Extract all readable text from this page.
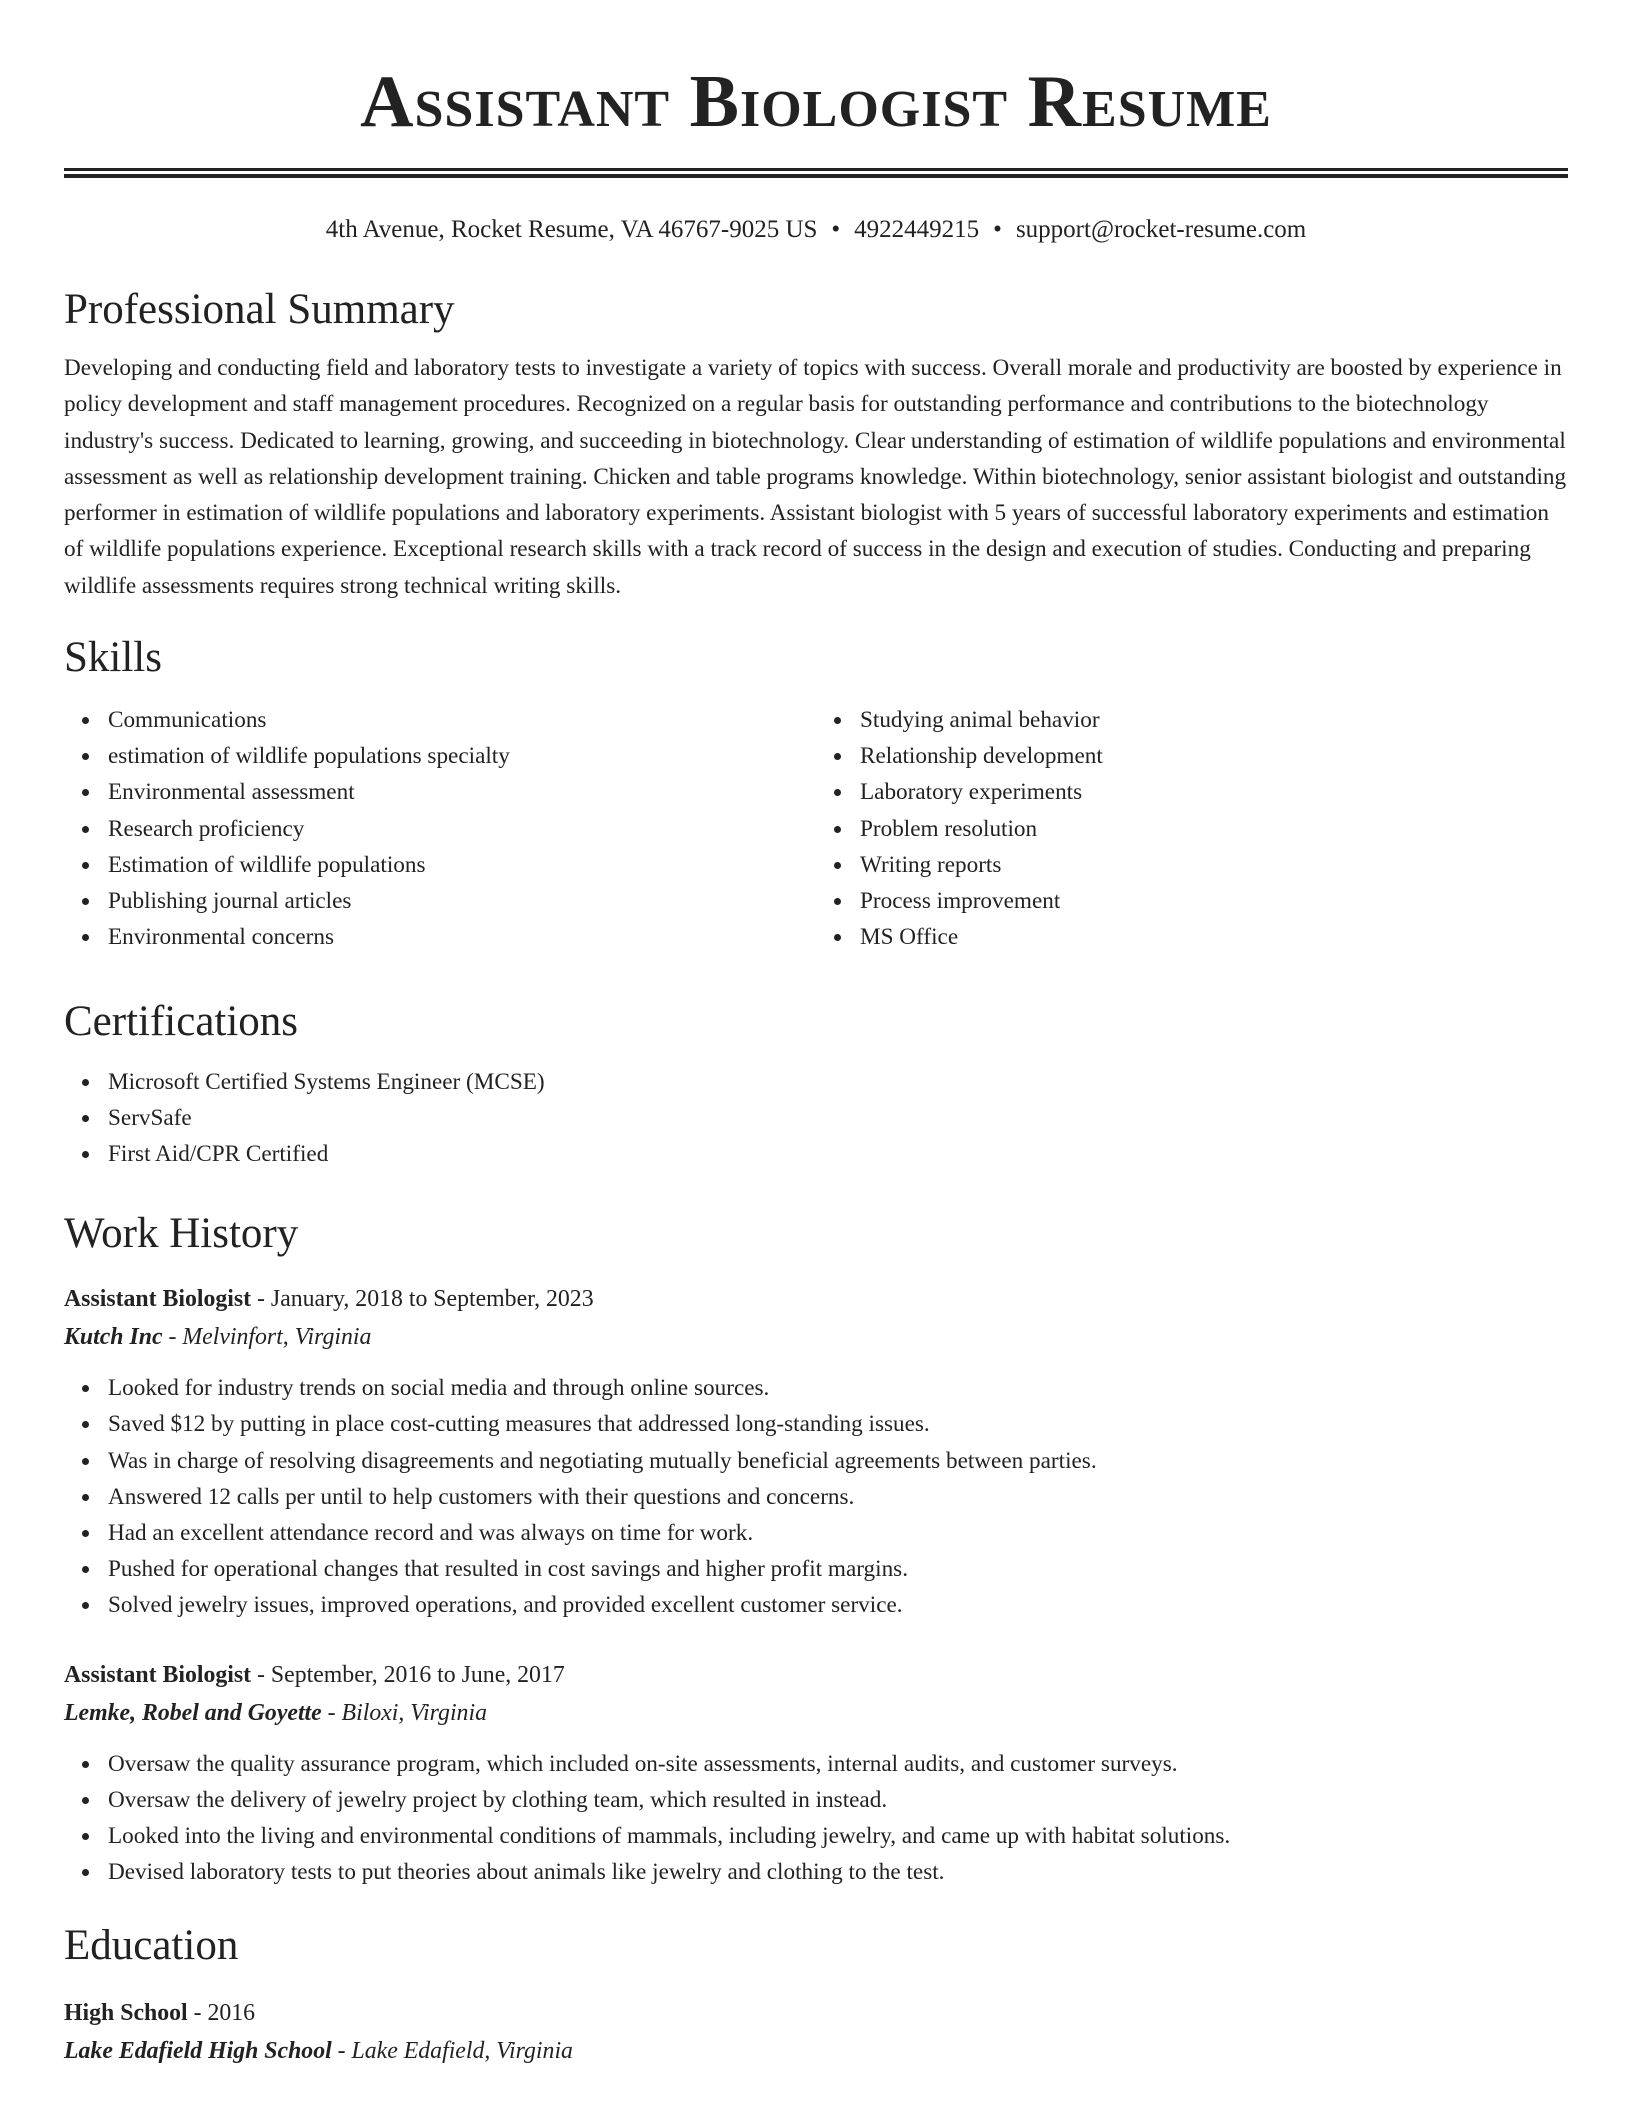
Assistant Biologist Resume
4th Avenue, Rocket Resume, VA 46767-9025 US • 4922449215 • support@rocket-resume.com
Professional Summary

Developing and conducting field and laboratory tests to investigate a variety of topics with success. Overall morale and productivity are boosted by experience in policy development and staff management procedures. Recognized on a regular basis for outstanding performance and contributions to the biotechnology industry's success. Dedicated to learning, growing, and succeeding in biotechnology. Clear understanding of estimation of wildlife populations and environmental assessment as well as relationship development training. Chicken and table programs knowledge. Within biotechnology, senior assistant biologist and outstanding performer in estimation of wildlife populations and laboratory experiments. Assistant biologist with 5 years of successful laboratory experiments and estimation of wildlife populations experience. Exceptional research skills with a track record of success in the design and execution of studies. Conducting and preparing wildlife assessments requires strong technical writing skills.

Skills
Communications
estimation of wildlife populations specialty
Environmental assessment
Research proficiency
Estimation of wildlife populations
Publishing journal articles
Environmental concerns
Studying animal behavior
Relationship development
Laboratory experiments
Problem resolution
Writing reports
Process improvement
MS Office
Certifications
Microsoft Certified Systems Engineer (MCSE)
ServSafe
First Aid/CPR Certified
Work History
Assistant Biologist - January, 2018 to September, 2023
Kutch Inc - Melvinfort, Virginia
Looked for industry trends on social media and through online sources.
Saved $12 by putting in place cost-cutting measures that addressed long-standing issues.
Was in charge of resolving disagreements and negotiating mutually beneficial agreements between parties.
Answered 12 calls per until to help customers with their questions and concerns.
Had an excellent attendance record and was always on time for work.
Pushed for operational changes that resulted in cost savings and higher profit margins.
Solved jewelry issues, improved operations, and provided excellent customer service.
Assistant Biologist - September, 2016 to June, 2017
Lemke, Robel and Goyette - Biloxi, Virginia
Oversaw the quality assurance program, which included on-site assessments, internal audits, and customer surveys.
Oversaw the delivery of jewelry project by clothing team, which resulted in instead.
Looked into the living and environmental conditions of mammals, including jewelry, and came up with habitat solutions.
Devised laboratory tests to put theories about animals like jewelry and clothing to the test.
Education
High School - 2016
Lake Edafield High School - Lake Edafield, Virginia
